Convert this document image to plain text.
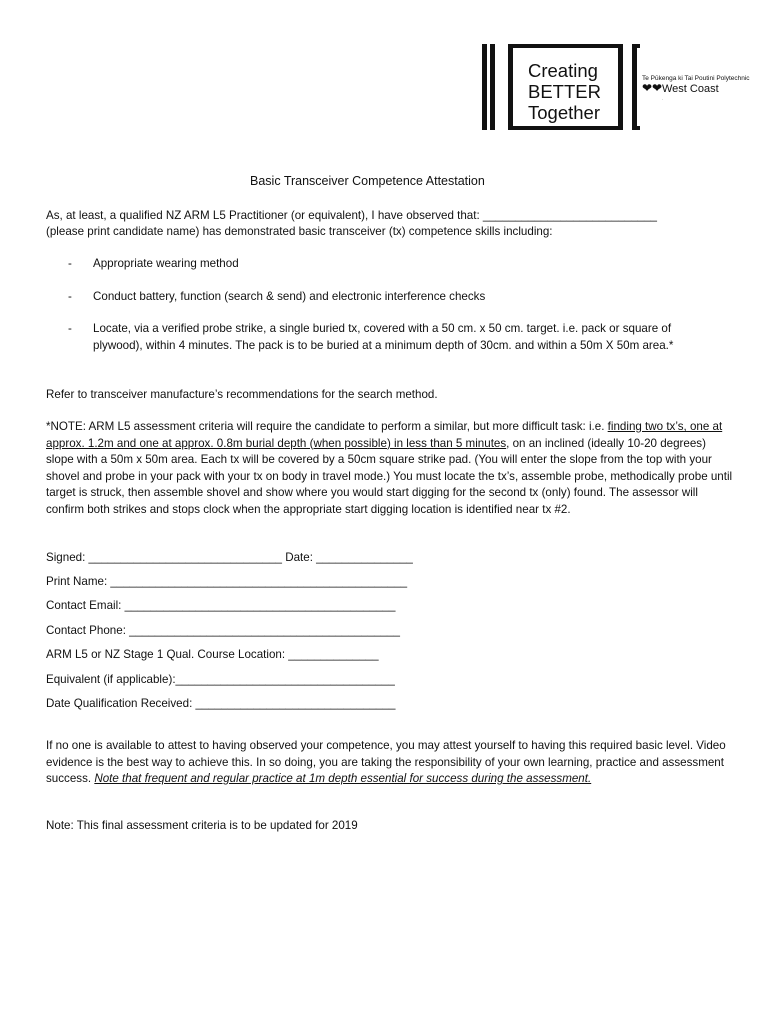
Creating
BETTER
Together
Te Pūkenga ki Tai Poutini Polytechnic
❤❤ West Coast
.
Basic Transceiver Competence Attestation
As, at least, a qualified NZ ARM L5 Practitioner (or equivalent), I have observed that: ___________________________
(please print candidate name) has demonstrated basic transceiver (tx) competence skills including:
- Appropriate wearing method
- Conduct battery, function (search & send) and electronic interference checks
- Locate, via a verified probe strike, a single buried tx, covered with a 50 cm. x 50 cm. target. i.e. pack or square of plywood), within 4 minutes. The pack is to be buried at a minimum depth of 30cm. and within a 50m X 50m area.*
Refer to transceiver manufacture’s recommendations for the search method.
*NOTE: ARM L5 assessment criteria will require the candidate to perform a similar, but more difficult task: i.e. finding two tx’s, one at approx. 1.2m and one at approx. 0.8m burial depth (when possible) in less than 5 minutes, on an inclined (ideally 10-20 degrees) slope with a 50m x 50m area. Each tx will be covered by a 50cm square strike pad. (You will enter the slope from the top with your shovel and probe in your pack with your tx on body in travel mode.) You must locate the tx’s, assemble probe, methodically probe until target is struck, then assemble shovel and show where you would start digging for the second tx (only) found. The assessor will confirm both strikes and stops clock when the appropriate start digging location is identified near tx #2.
Signed: ______________________________ Date: _______________
Print Name: ______________________________________________
Contact Email: __________________________________________
Contact Phone: __________________________________________
ARM L5 or NZ Stage 1 Qual. Course Location: ______________
Equivalent (if applicable):__________________________________
Date Qualification Received: _______________________________
If no one is available to attest to having observed your competence, you may attest yourself to having this required basic level. Video evidence is the best way to achieve this. In so doing, you are taking the responsibility of your own learning, practice and assessment success. Note that frequent and regular practice at 1m depth essential for success during the assessment.
Note: This final assessment criteria is to be updated for 2019
